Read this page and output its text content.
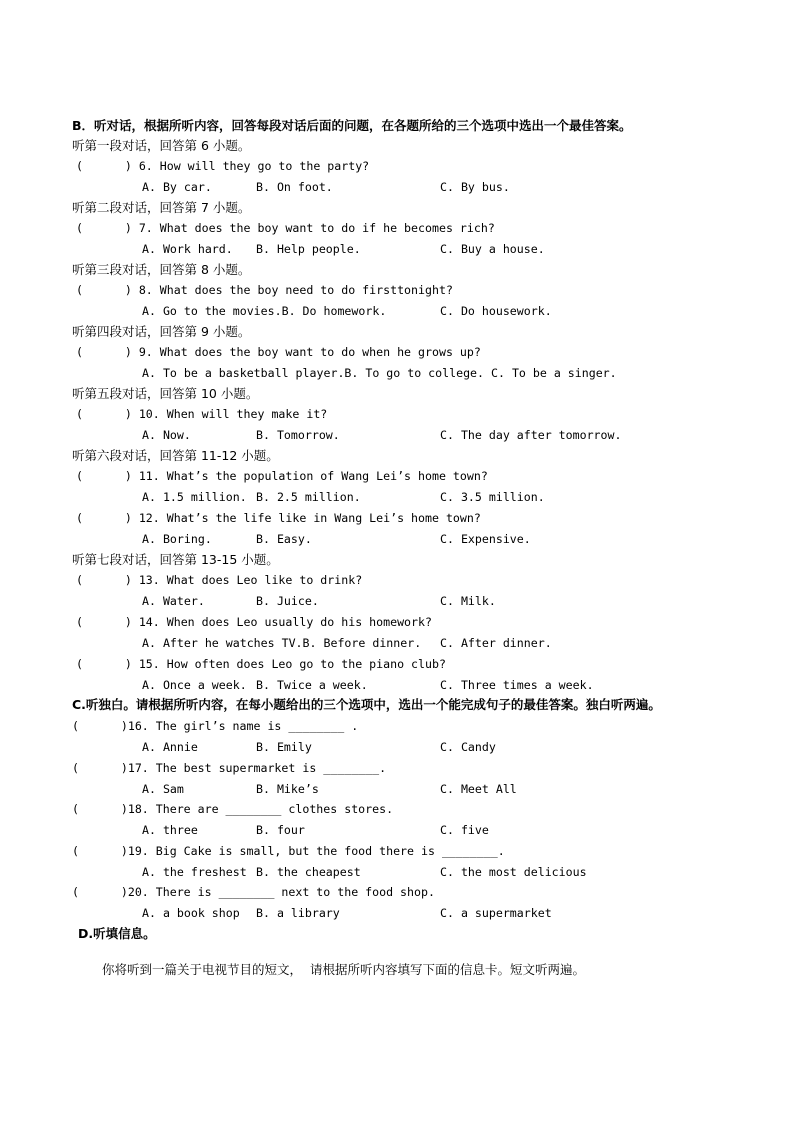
B．听对话，根据所听内容，回答每段对话后面的问题，在各题所给的三个选项中选出一个最佳答案。
听第一段对话，回答第 6 小题。
(      ) 6. How will they go to the party?
A. By car.	B. On foot.	C. By bus.
听第二段对话，回答第 7 小题。
(      ) 7. What does the boy want to do if he becomes rich?
A. Work hard. B. Help people.	C. Buy a house.
听第三段对话，回答第 8 小题。
(      ) 8. What does the boy need to do firsttonight?
A. Go to the movies.B. Do homework.	C. Do housework.
听第四段对话，回答第 9 小题。
(      ) 9. What does the boy want to do when he grows up?
A. To be a basketball player.B. To go to college. C. To be a singer.
听第五段对话，回答第 10 小题。
(      ) 10. When will they make it?
A. Now.	B. Tomorrow.	C. The day after tomorrow.
听第六段对话，回答第 11-12 小题。
(      ) 11. What’s the population of Wang Lei’s home town?
A. 1.5 million. B. 2.5 million.	C. 3.5 million.
(      ) 12. What’s the life like in Wang Lei’s home town?
A. Boring.	B. Easy.	C. Expensive.
听第七段对话，回答第 13-15 小题。
(      ) 13. What does Leo like to drink?
A. Water.	B. Juice.	C. Milk.
(      ) 14. When does Leo usually do his homework?
A. After he watches TV.B. Before dinner. C. After dinner.
(      ) 15. How often does Leo go to the piano club?
A. Once a week. B. Twice a week.	C. Three times a week.
C.听独白。请根据所听内容，在每小题给出的三个选项中，选出一个能完成句子的最佳答案。独白听两遍。
(      )16. The girl’s name is ________ .
A. Annie	B. Emily	C. Candy
(      )17. The best supermarket is ________.
A. Sam	B. Mike’s	C. Meet All
(      )18. There are ________ clothes stores.
A. three	B. four	C. five
(      )19. Big Cake is small, but the food there is ________.
A. the freshest B. the cheapest	C. the most delicious
(      )20. There is ________ next to the food shop.
A. a book shop B. a library	C. a supermarket
D.听填信息。
你将听到一篇关于电视节目的短文，  请根据所听内容填写下面的信息卡。短文听两遍。
